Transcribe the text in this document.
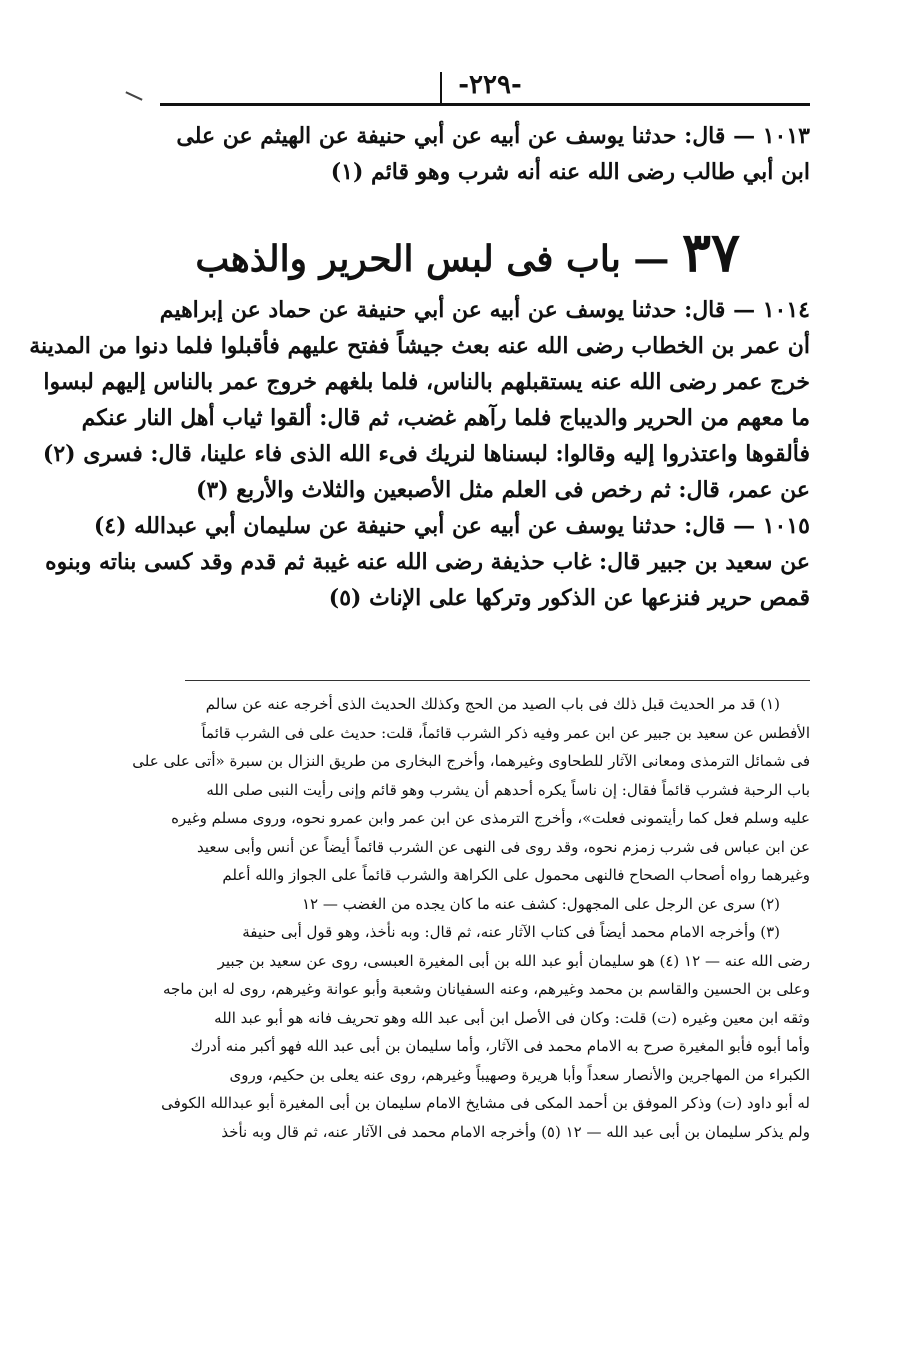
-٢٢٩-
١٠١٣ — قال: حدثنا يوسف عن أبيه عن أبي حنيفة عن الهيثم عن على
ابن أبي طالب رضى الله عنه أنه شرب وهو قائم (١)
٣٧ — باب فى لبس الحرير والذهب
١٠١٤ — قال: حدثنا يوسف عن أبيه عن أبي حنيفة عن حماد عن إبراهيم
أن عمر بن الخطاب رضى الله عنه بعث جيشاً ففتح عليهم فأقبلوا فلما دنوا من المدينة
خرج عمر رضى الله عنه يستقبلهم بالناس، فلما بلغهم خروج عمر بالناس إليهم لبسوا
ما معهم من الحرير والديباج فلما رآهم غضب، ثم قال: ألقوا ثياب أهل النار عنكم
فألقوها واعتذروا إليه وقالوا: لبسناها لنريك فىء الله الذى فاء علينا، قال: فسرى (٢)
عن عمر، قال: ثم رخص فى العلم مثل الأصبعين والثلاث والأربع (٣)
١٠١٥ — قال: حدثنا يوسف عن أبيه عن أبي حنيفة عن سليمان أبي عبدالله (٤)
عن سعيد بن جبير قال: غاب حذيفة رضى الله عنه غيبة ثم قدم وقد كسى بناته وبنوه
قمص حرير فنزعها عن الذكور وتركها على الإناث (٥)
(١) قد مر الحديث قبل ذلك فى باب الصيد من الحج وكذلك الحديث الذى أخرجه عنه عن سالم
الأفطس عن سعيد بن جبير عن ابن عمر وفيه ذكر الشرب قائماً، قلت: حديث على فى الشرب قائماً
فى شمائل الترمذى ومعانى الآثار للطحاوى وغيرهما، وأخرج البخارى من طريق النزال بن سبرة «أتى على على
باب الرحبة فشرب قائماً فقال: إن ناساً يكره أحدهم أن يشرب وهو قائم وإنى رأيت النبى صلى الله
عليه وسلم فعل كما رأيتمونى فعلت»، وأخرج الترمذى عن ابن عمر وابن عمرو نحوه، وروى مسلم وغيره
عن ابن عباس فى شرب زمزم نحوه، وقد روى فى النهى عن الشرب قائماً أيضاً عن أنس وأبى سعيد
وغيرهما رواه أصحاب الصحاح فالنهى محمول على الكراهة والشرب قائماً على الجواز والله أعلم
(٢) سرى عن الرجل على المجهول: كشف عنه ما كان يجده من الغضب — ١٢
(٣) وأخرجه الامام محمد أيضاً فى كتاب الآثار عنه، ثم قال: وبه نأخذ، وهو قول أبى حنيفة
رضى الله عنه — ١٢ (٤) هو سليمان أبو عبد الله بن أبى المغيرة العبسى، روى عن سعيد بن جبير
وعلى بن الحسين والقاسم بن محمد وغيرهم، وعنه السفيانان وشعبة وأبو عوانة وغيرهم، روى له ابن ماجه
وثقه ابن معين وغيره (ت) قلت: وكان فى الأصل ابن أبى عبد الله وهو تحريف فانه هو أبو عبد الله
وأما أبوه فأبو المغيرة صرح به الامام محمد فى الآثار، وأما سليمان بن أبى عبد الله فهو أكبر منه أدرك
الكبراء من المهاجرين والأنصار سعداً وأبا هريرة وصهيباً وغيرهم، روى عنه يعلى بن حكيم، وروى
له أبو داود (ت) وذكر الموفق بن أحمد المكى فى مشايخ الامام سليمان بن أبى المغيرة أبو عبدالله الكوفى
ولم يذكر سليمان بن أبى عبد الله — ١٢ (٥) وأخرجه الامام محمد فى الآثار عنه، ثم قال وبه نأخذ
